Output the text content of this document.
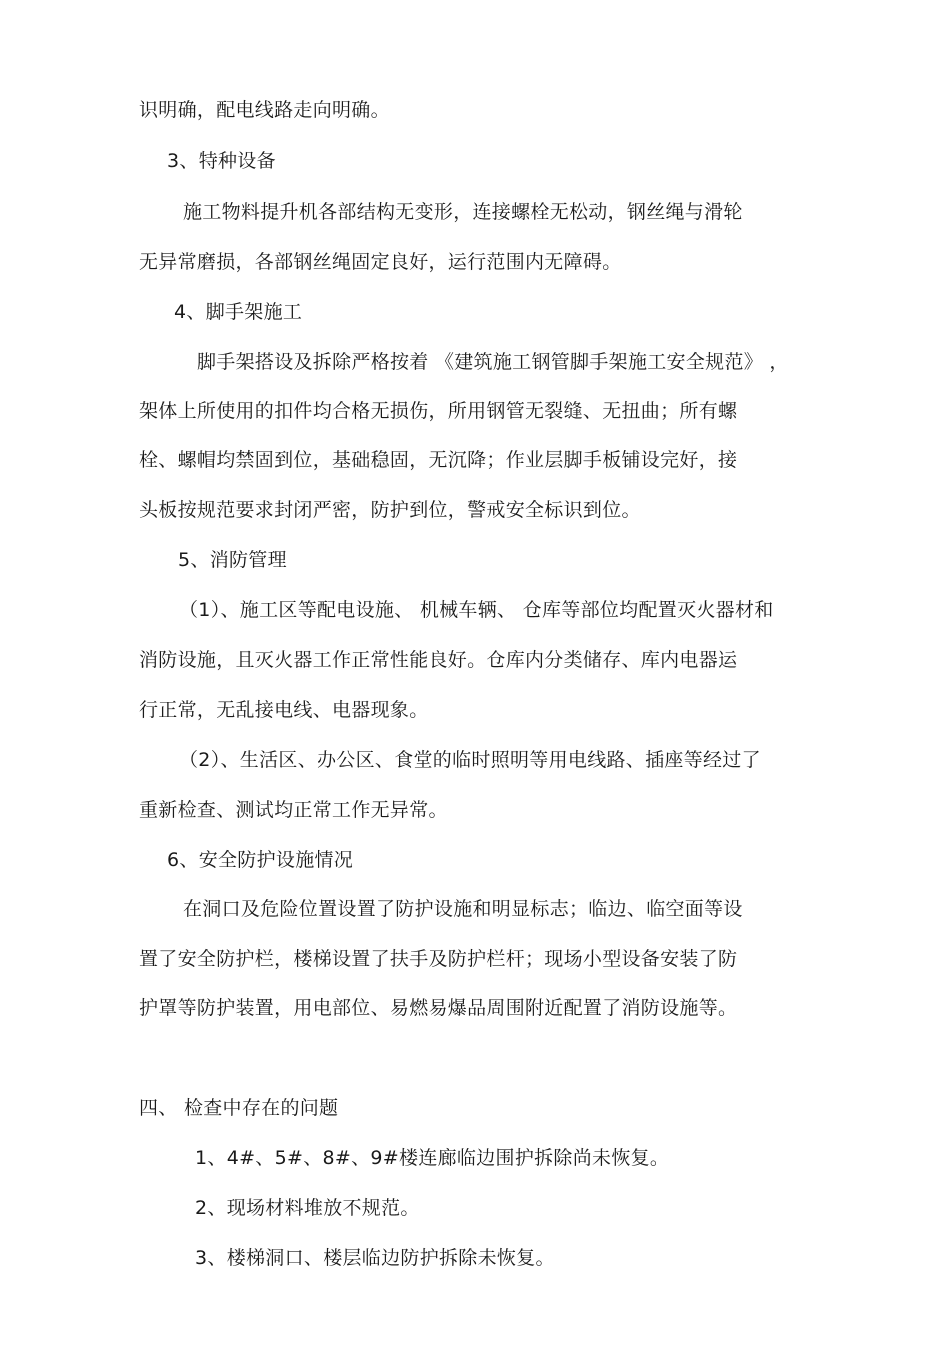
识明确，配电线路走向明确。
3、特种设备
施工物料提升机各部结构无变形，连接螺栓无松动，钢丝绳与滑轮
无异常磨损，各部钢丝绳固定良好，运行范围内无障碍。
4、脚手架施工
脚手架搭设及拆除严格按着 《建筑施工钢管脚手架施工安全规范》 ，
架体上所使用的扣件均合格无损伤，所用钢管无裂缝、无扭曲；所有螺
栓、螺帽均禁固到位，基础稳固，无沉降；作业层脚手板铺设完好，接
头板按规范要求封闭严密，防护到位，警戒安全标识到位。
5、消防管理
（1）、施工区等配电设施、 机械车辆、 仓库等部位均配置灭火器材和
消防设施，且灭火器工作正常性能良好。仓库内分类储存、库内电器运
行正常，无乱接电线、电器现象。
（2）、生活区、办公区、食堂的临时照明等用电线路、插座等经过了
重新检查、测试均正常工作无异常。
6、安全防护设施情况
在洞口及危险位置设置了防护设施和明显标志；临边、临空面等设
置了安全防护栏，楼梯设置了扶手及防护栏杆；现场小型设备安装了防
护罩等防护装置，用电部位、易燃易爆品周围附近配置了消防设施等。
四、 检查中存在的问题
1、4#、5#、8#、9#楼连廊临边围护拆除尚未恢复。
2、现场材料堆放不规范。
3、楼梯洞口、楼层临边防护拆除未恢复。
